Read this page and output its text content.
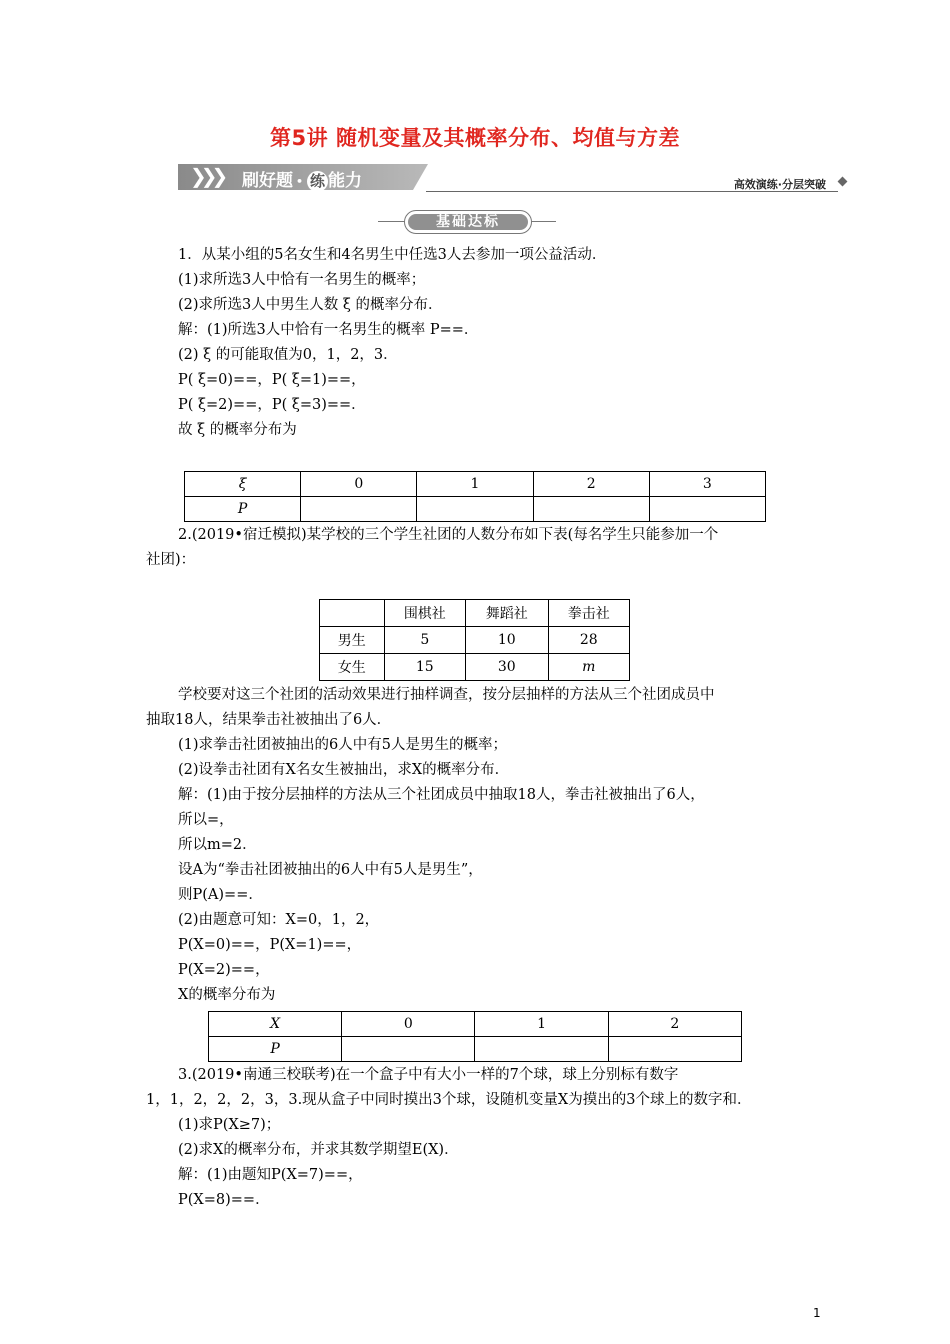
第5讲 随机变量及其概率分布、均值与方差
❯❯❯ 刷好题 • 练 能力	高效演练·分层突破
基础达标
1．从某小组的5名女生和4名男生中任选3人去参加一项公益活动．
(1)求所选3人中恰有一名男生的概率；
(2)求所选3人中男生人数 ξ 的概率分布．
解：(1)所选3人中恰有一名男生的概率 P==．
(2) ξ 的可能取值为0，1，2，3．
P( ξ=0)==，P( ξ=1)==，
P( ξ=2)==，P( ξ=3)==．
故 ξ 的概率分布为
ξ	0	1	2	3
P				
2.(2019•宿迁模拟)某学校的三个学生社团的人数分布如下表(每名学生只能参加一个
社团)：
	围棋社	舞蹈社	拳击社
男生	5	10	28
女生	15	30	m
学校要对这三个社团的活动效果进行抽样调查，按分层抽样的方法从三个社团成员中
抽取18人，结果拳击社被抽出了6人．
(1)求拳击社团被抽出的6人中有5人是男生的概率；
(2)设拳击社团有X名女生被抽出，求X的概率分布．
解：(1)由于按分层抽样的方法从三个社团成员中抽取18人，拳击社被抽出了6人，
所以=，
所以m=2．
设A为“拳击社团被抽出的6人中有5人是男生”，
则P(A)==．
(2)由题意可知：X=0，1，2，
P(X=0)==，P(X=1)==，
P(X=2)==，
X的概率分布为
X	0	1	2
P			
3.(2019•南通三校联考)在一个盒子中有大小一样的7个球，球上分别标有数字
1，1，2，2，2，3，3.现从盒子中同时摸出3个球，设随机变量X为摸出的3个球上的数字和．
(1)求P(X≥7)；
(2)求X的概率分布，并求其数学期望E(X)．
解：(1)由题知P(X=7)==，
P(X=8)==．
1
